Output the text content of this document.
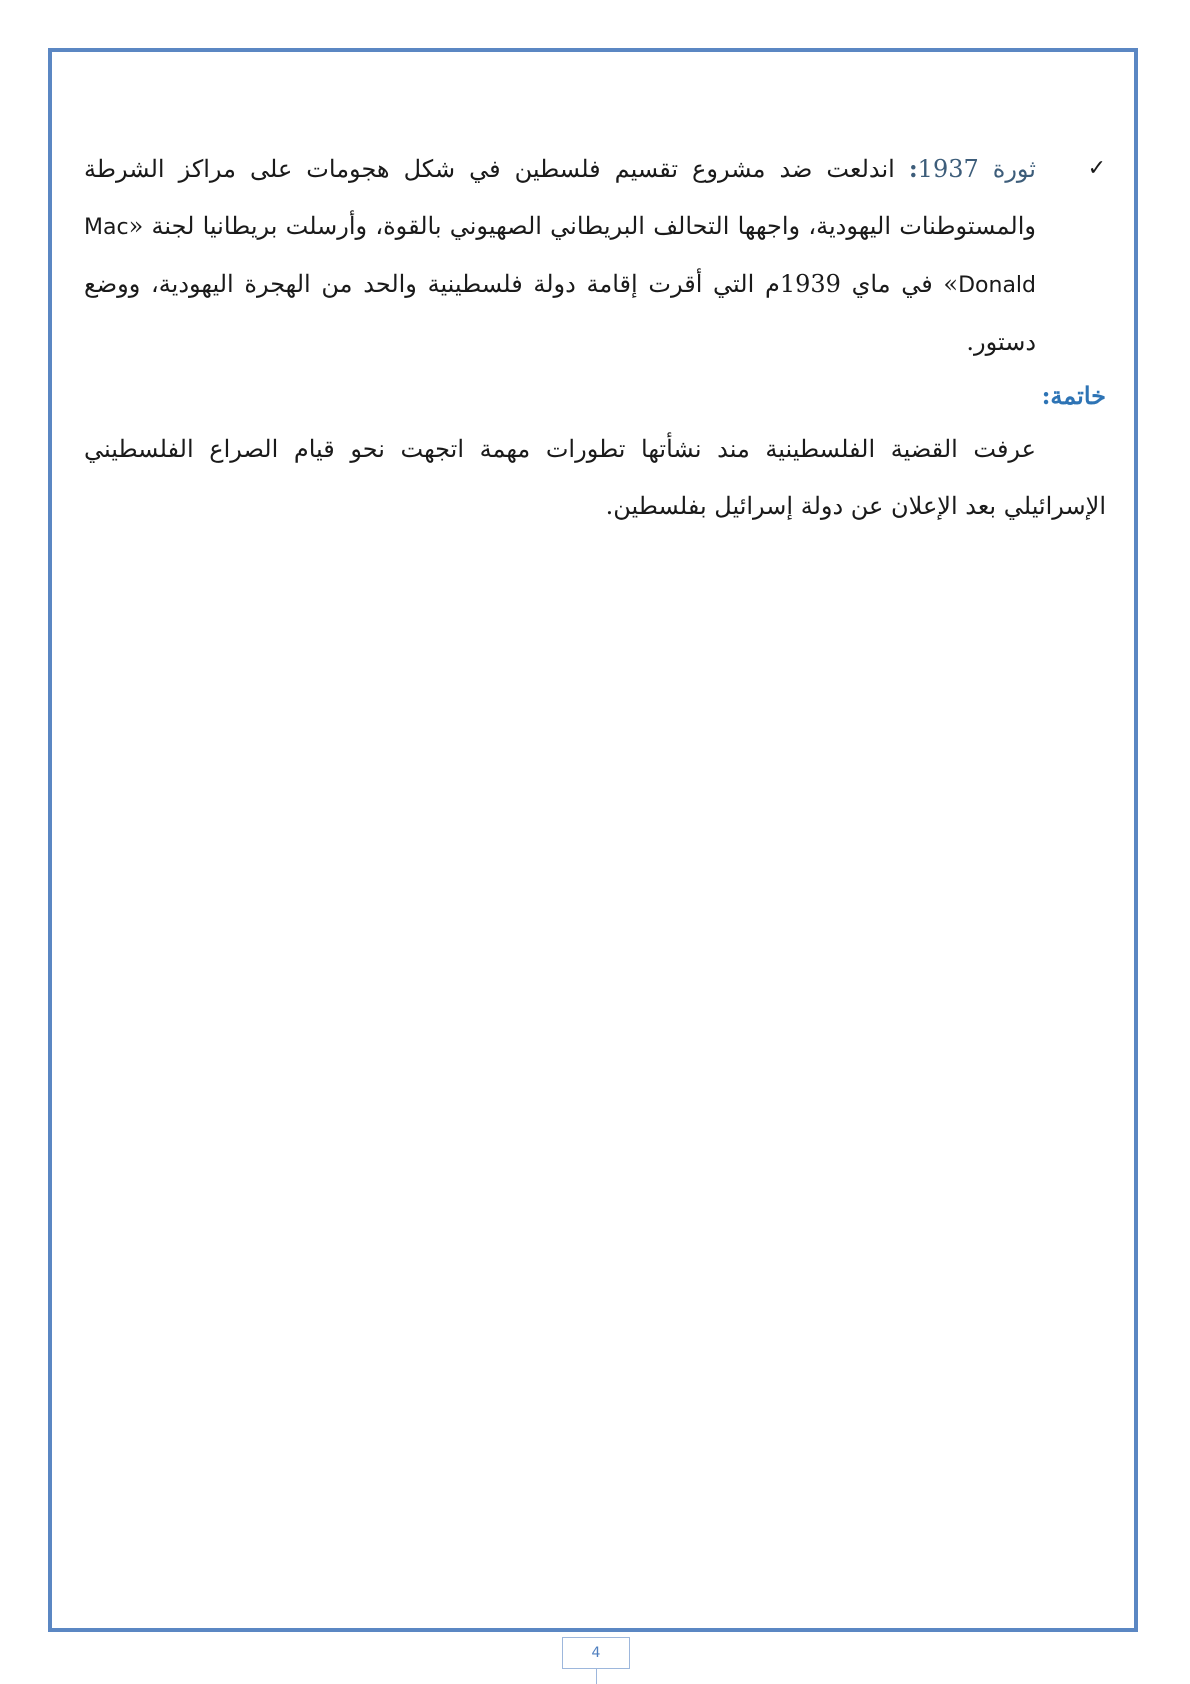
✓
ثورة 1937: اندلعت ضد مشروع تقسيم فلسطين في شكل هجومات على مراكز الشرطة والمستوطنات اليهودية، واجهها التحالف البريطاني الصهيوني بالقوة، وأرسلت بريطانيا لجنة «Mac Donald» في ماي 1939م التي أقرت إقامة دولة فلسطينية والحد من الهجرة اليهودية، ووضع دستور.

خاتمة:

عرفت القضية الفلسطينية مند نشأتها تطورات مهمة اتجهت نحو قيام الصراع الفلسطيني الإسرائيلي بعد الإعلان عن دولة إسرائيل بفلسطين.

4
